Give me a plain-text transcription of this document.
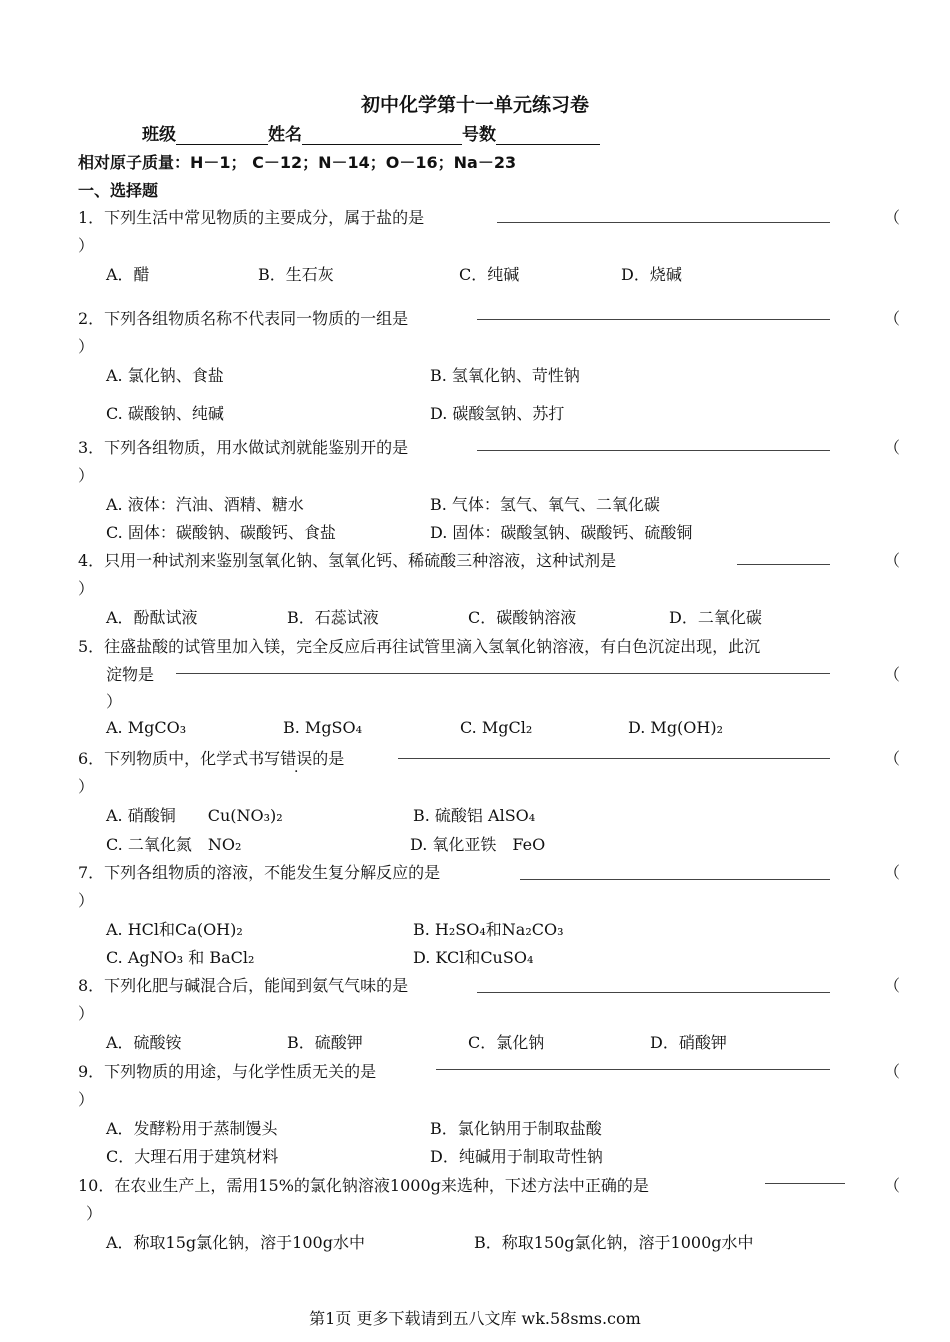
初中化学第十一单元练习卷
班级	姓名	号数
相对原子质量：H－1； C－12；N－14；O－16；Na－23
一、选择题
1．下列生活中常见物质的主要成分，属于盐的是	（
）
A．醋	B．生石灰	C．纯碱	D．烧碱
2．下列各组物质名称不代表同一物质的一组是	（
）
A. 氯化钠、食盐	B. 氢氧化钠、苛性钠
C. 碳酸钠、纯碱	D. 碳酸氢钠、苏打
3．下列各组物质，用水做试剂就能鉴别开的是	（
）
A. 液体：汽油、酒精、糖水	B. 气体：氢气、氧气、二氧化碳
C. 固体：碳酸钠、碳酸钙、食盐	D. 固体：碳酸氢钠、碳酸钙、硫酸铜
4．只用一种试剂来鉴别氢氧化钠、氢氧化钙、稀硫酸三种溶液，这种试剂是	（
）
A．酚酞试液	B．石蕊试液	C．碳酸钠溶液	D．二氧化碳
5．往盛盐酸的试管里加入镁，完全反应后再往试管里滴入氢氧化钠溶液，有白色沉淀出现，此沉
淀物是	（
）
A. MgCO₃	B. MgSO₄	C. MgCl₂	D. Mg(OH)₂
6．下列物质中，化学式书写错误的是	（
）
A. 硝酸铜　　Cu(NO₃)₂	B. 硫酸铝 AlSO₄
C. 二氧化氮　NO₂	D. 氧化亚铁　FeO
7．下列各组物质的溶液，不能发生复分解反应的是	（
）
A. HCl和Ca(OH)₂	B. H₂SO₄和Na₂CO₃
C. AgNO₃ 和 BaCl₂	D. KCl和CuSO₄
8．下列化肥与碱混合后，能闻到氨气气味的是	（
）
A．硫酸铵	B．硫酸钾	C．氯化钠	D．硝酸钾
9．下列物质的用途，与化学性质无关的是	（
）
A．发酵粉用于蒸制馒头	B．氯化钠用于制取盐酸
C．大理石用于建筑材料	D．纯碱用于制取苛性钠
10．在农业生产上，需用15%的氯化钠溶液1000g来选种，下述方法中正确的是	（
）
A．称取15g氯化钠，溶于100g水中	B．称取150g氯化钠，溶于1000g水中
第1页 更多下载请到五八文库 wk.58sms.com
